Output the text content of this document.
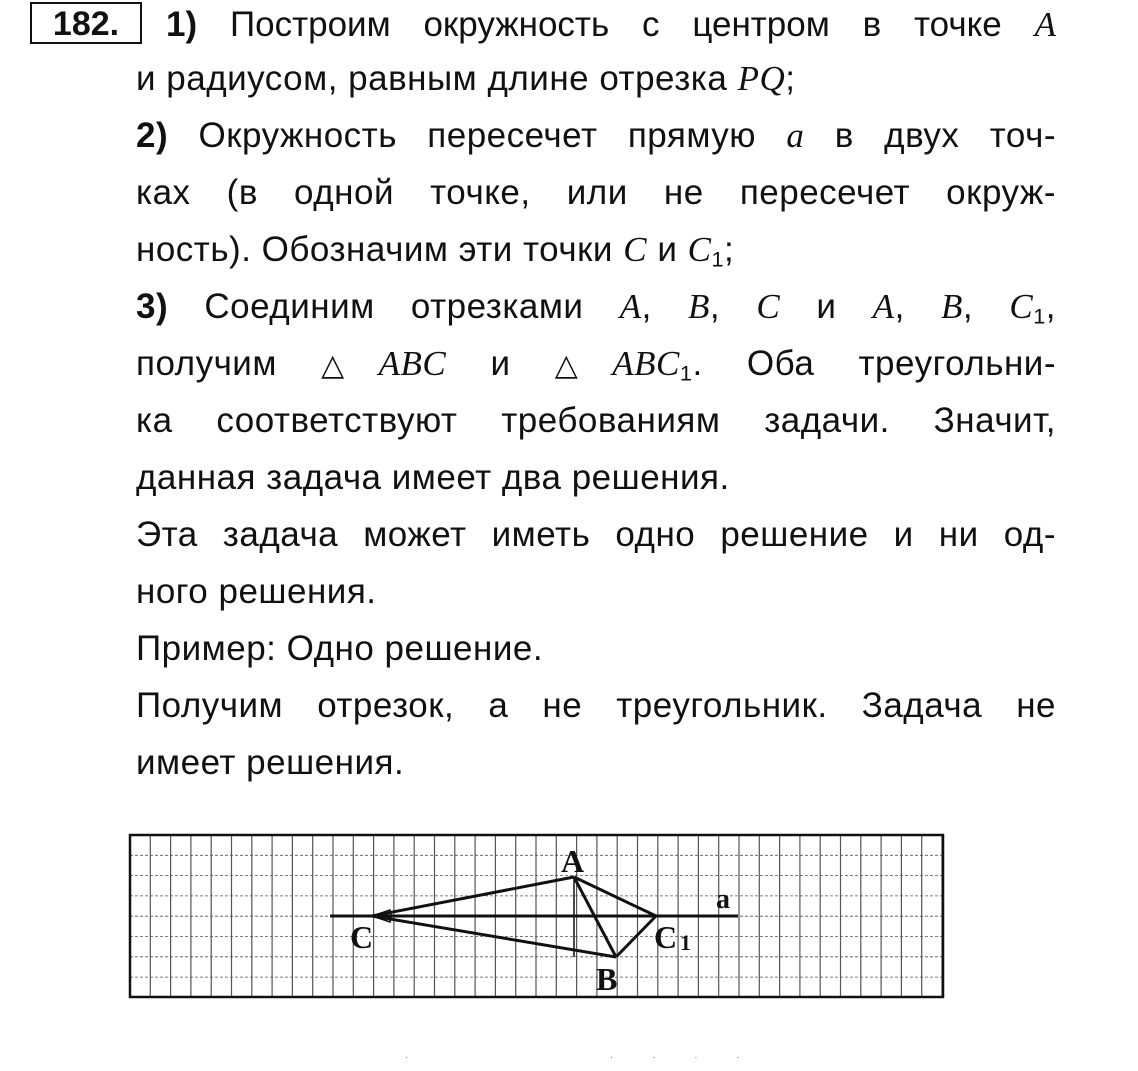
182.	1) Построим окружность с центром в точке A
и радиусом, равным длине отрезка PQ;
2) Окружность пересечет прямую a в двух точ-
ках (в одной точке, или не пересечет окруж-
ность). Обозначим эти точки C и $C_1$;
3) Соединим отрезками A, B, C и A, B, $C_1$,
получим △ABC и $\triangle ABC_1$. Оба треугольни-
ка соответствуют требованиям задачи. Значит,
данная задача имеет два решения.
Эта задача может иметь одно решение и ни од-
ного решения.
Пример: Одно решение.
Получим отрезок, а не треугольник. Задача не
имеет решения.
A
B
C	C 1
a
·	· · · ·
